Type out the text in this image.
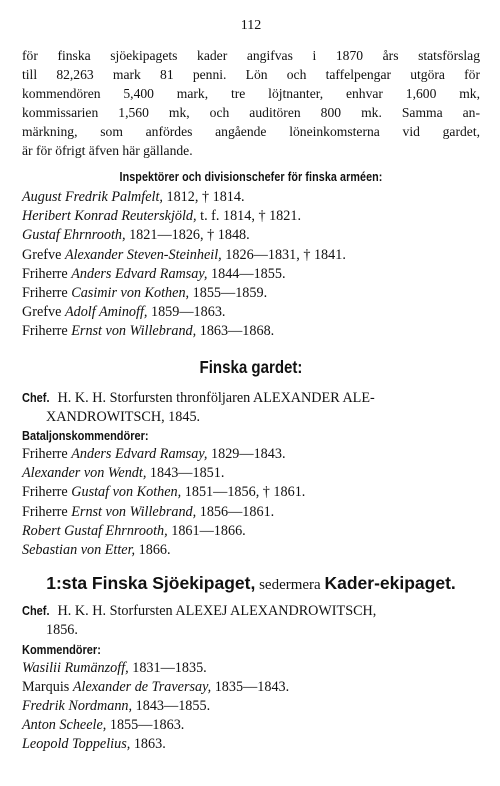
112
för finska sjöekipagets kader angifvas i 1870 års statsförslag
till 82,263 mark 81 penni. Lön och taffelpengar utgöra för
kommendören 5,400 mark, tre löjtnanter, enhvar 1,600 mk,
kommissarien 1,560 mk, och auditören 800 mk. Samma an-
märkning, som anfördes angående löneinkomsterna vid gardet,
är för öfrigt äfven här gällande.
Inspektörer och divisionschefer för finska arméen:
August Fredrik Palmfelt, 1812, † 1814.
Heribert Konrad Reuterskjöld, t. f. 1814, † 1821.
Gustaf Ehrnrooth, 1821—1826, † 1848.
Grefve Alexander Steven-Steinheil, 1826—1831, † 1841.
Friherre Anders Edvard Ramsay, 1844—1855.
Friherre Casimir von Kothen, 1855—1859.
Grefve Adolf Aminoff, 1859—1863.
Friherre Ernst von Willebrand, 1863—1868.
Finska gardet:
Chef. H. K. H. Storfursten thronföljaren ALEXANDER ALE-
XANDROWITSCH, 1845.
Bataljonskommendörer:
Friherre Anders Edvard Ramsay, 1829—1843.
Alexander von Wendt, 1843—1851.
Friherre Gustaf von Kothen, 1851—1856, † 1861.
Friherre Ernst von Willebrand, 1856—1861.
Robert Gustaf Ehrnrooth, 1861—1866.
Sebastian von Etter, 1866.
1:sta Finska Sjöekipaget, sedermera Kader-ekipaget.
Chef. H. K. H. Storfursten ALEXEJ ALEXANDROWITSCH,
1856.
Kommendörer:
Wasilii Rumänzoff, 1831—1835.
Marquis Alexander de Traversay, 1835—1843.
Fredrik Nordmann, 1843—1855.
Anton Scheele, 1855—1863.
Leopold Toppelius, 1863.
